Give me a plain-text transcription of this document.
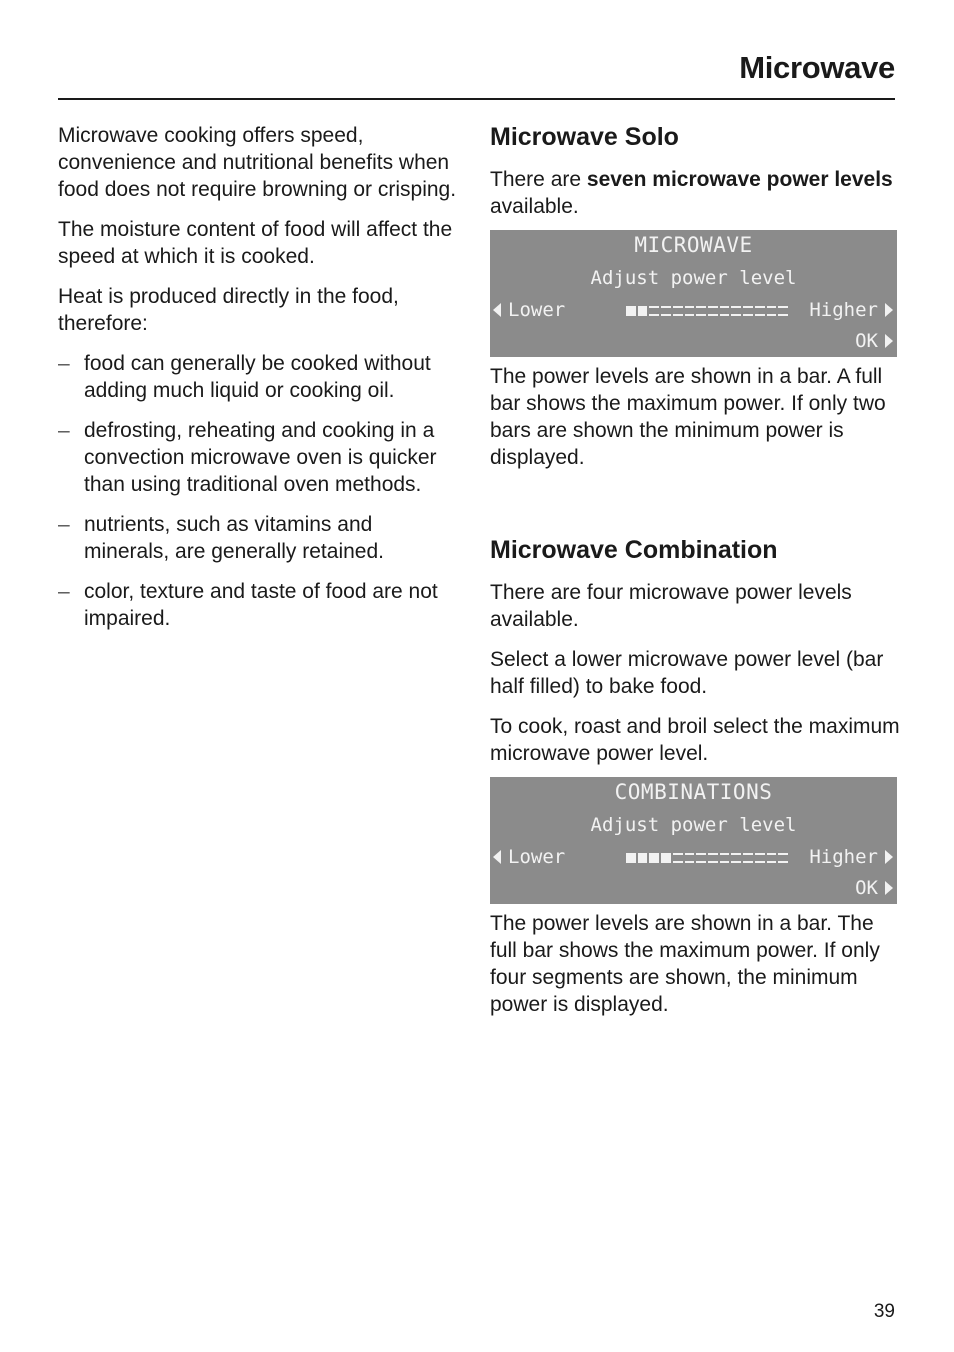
Microwave

Microwave cooking offers speed, convenience and nutritional benefits when food does not require browning or crisping.

The moisture content of food will affect the speed at which it is cooked.

Heat is produced directly in the food, therefore:

– food can generally be cooked without adding much liquid or cooking oil.
– defrosting, reheating and cooking in a convection microwave oven is quicker than using traditional oven methods.
– nutrients, such as vitamins and minerals, are generally retained.
– color, texture and taste of food are not impaired.
Microwave Solo

There are seven microwave power levels available.

MICROWAVE
Adjust power level
Lower	Higher
OK

The power levels are shown in a bar. A full bar shows the maximum power. If only two bars are shown the minimum power is displayed.

Microwave Combination

There are four microwave power levels available.

Select a lower microwave power level (bar half filled) to bake food.

To cook, roast and broil select the maximum microwave power level.

COMBINATIONS
Adjust power level
Lower	Higher
OK

The power levels are shown in a bar. The full bar shows the maximum power. If only four segments are shown, the minimum power is displayed.

39
